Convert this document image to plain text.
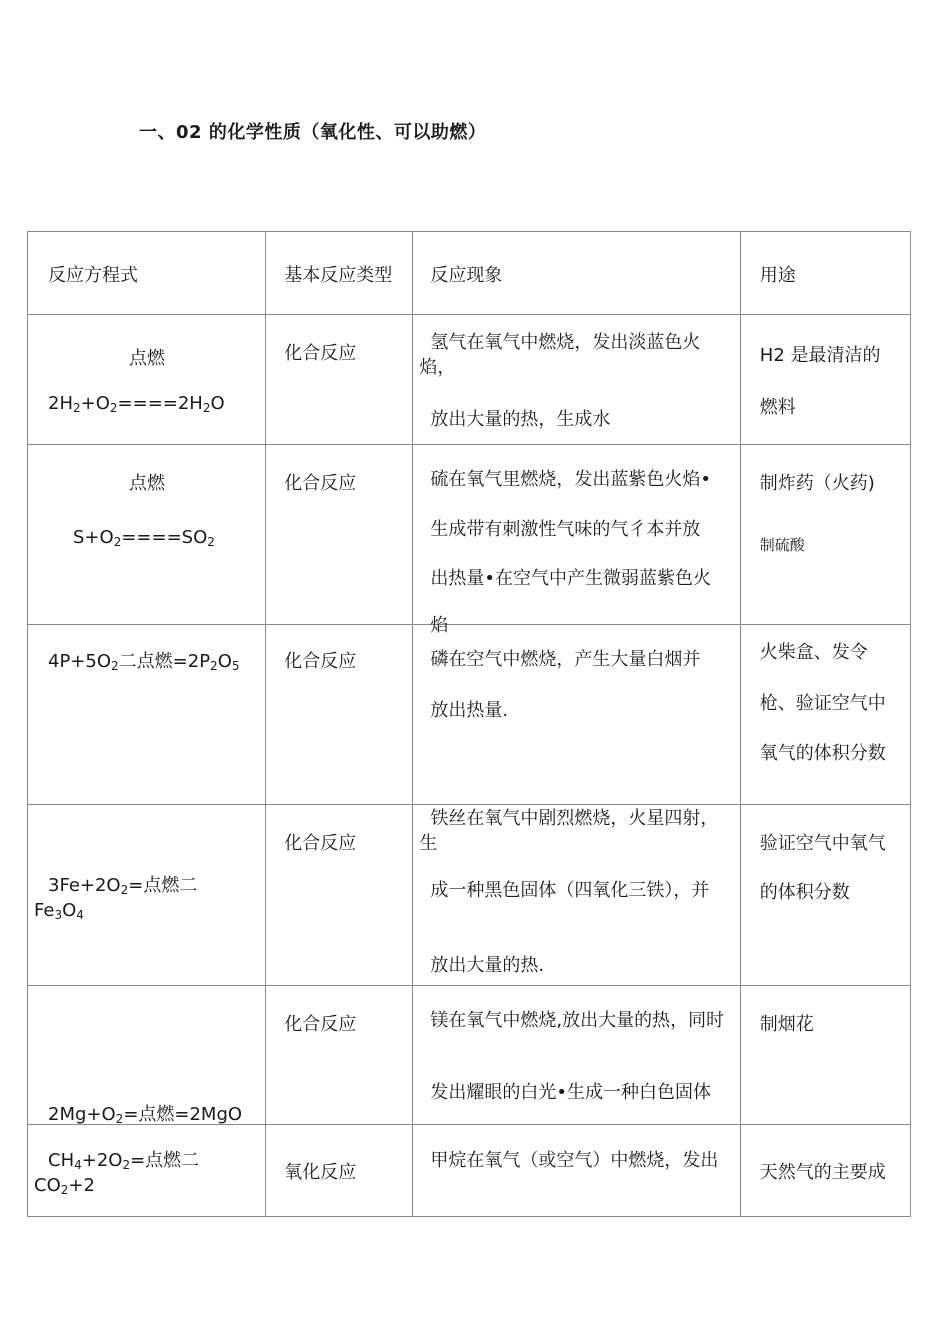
一、02 的化学性质（氧化性、可以助燃）
反应方程式	基本反应类型	反应现象	用途

点燃
$2H_2+O_2====2H_2O$	化合反应	氢气在氧气中燃烧，发出淡蓝色火焰，
放出大量的热，生成水	H2 是最清洁的
燃料

点燃
$S+O_2====SO_2$	化合反应	硫在氧气里燃烧，发出蓝紫色火焰•
生成带有刺激性气味的气彳本并放
出热量•在空气中产生微弱蓝紫色火
焰	制炸药（火药)
制硫酸

$4P+5O_2$二点燃$=2P_2O_5$	化合反应	磷在空气中燃烧，产生大量白烟并
放出热量.	火柴盒、发令
枪、验证空气中
氧气的体积分数

$3Fe+2O_2=$点燃二$Fe_3O_4$	化合反应	铁丝在氧气中剧烈燃烧，火星四射，生
成一种黑色固体（四氧化三铁），并
放出大量的热.	验证空气中氧气
的体积分数

$2Mg+O_2=$点燃=2MgO	化合反应	镁在氧气中燃烧,放出大量的热，同时
发出耀眼的白光•生成一种白色固体	制烟花

$CH_4+2O_2=$点燃二$CO_2+2$	氧化反应	甲烷在氧气（或空气）中燃烧，发出	天然气的主要成
